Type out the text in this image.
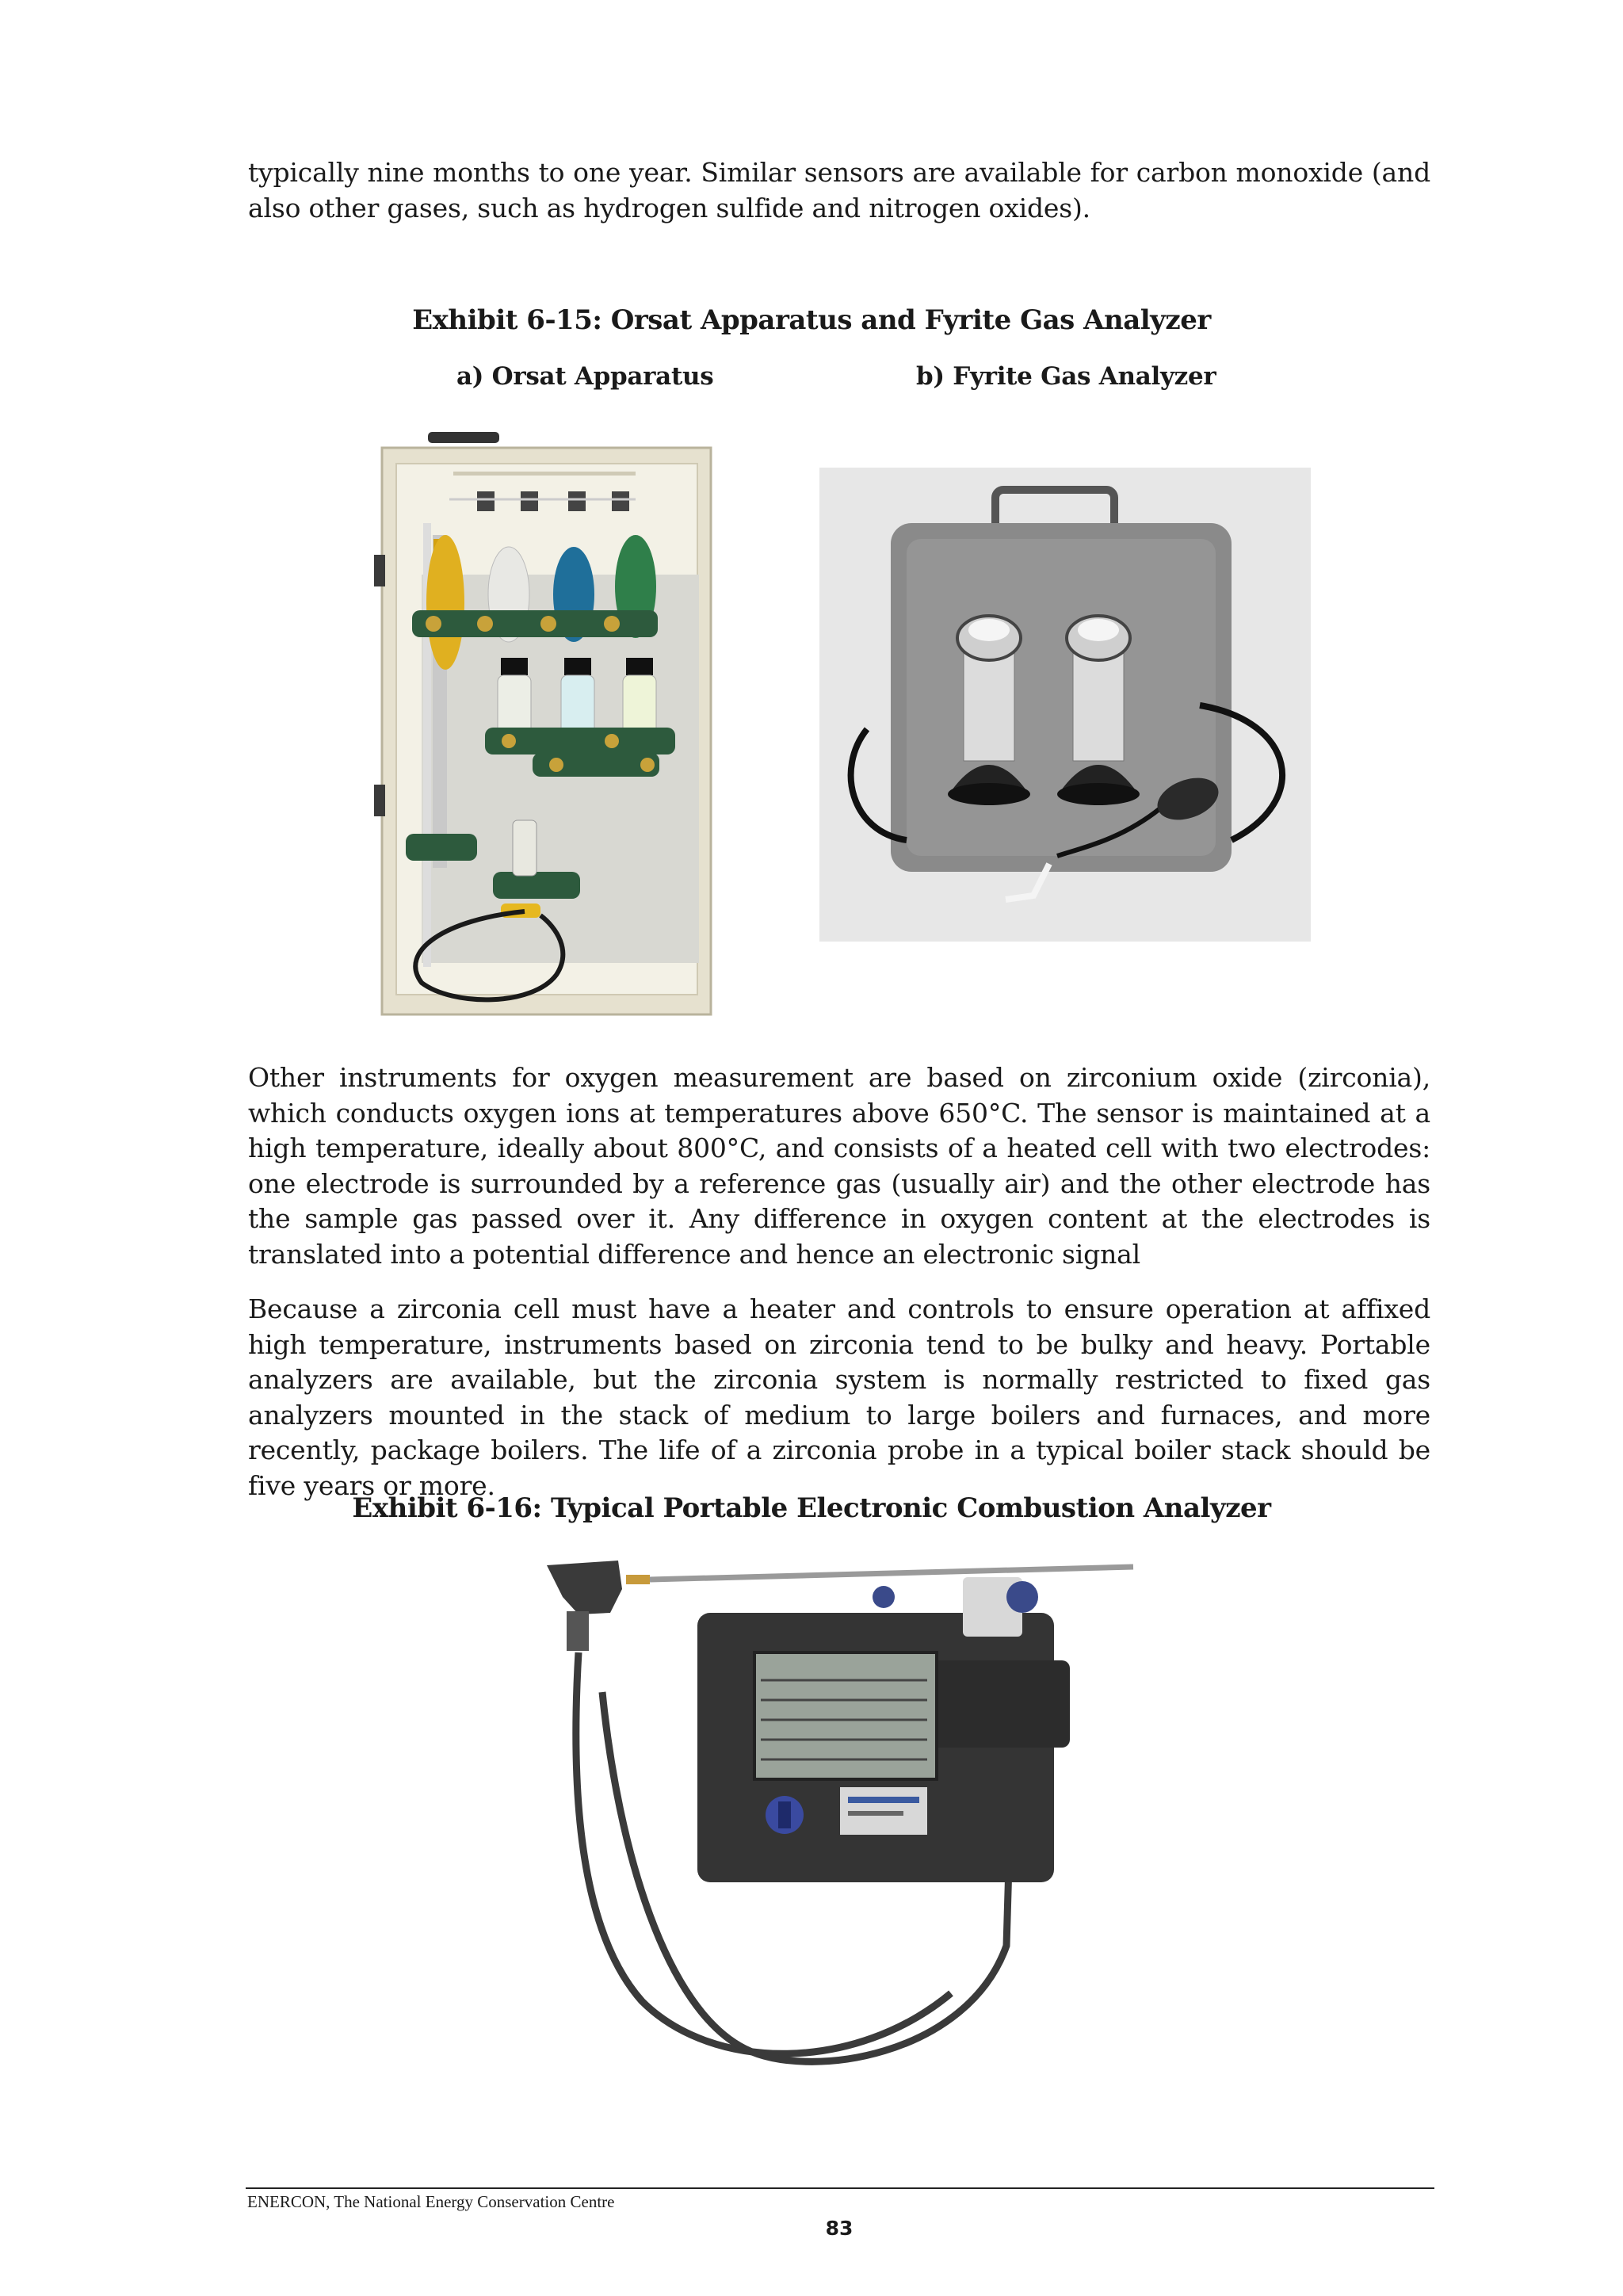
typically nine months to one year. Similar sensors are available for carbon monoxide (and also other gases, such as hydrogen sulfide and nitrogen oxides).

Exhibit 6-15: Orsat Apparatus and Fyrite Gas Analyzer

a) Orsat Apparatus	b) Fyrite Gas Analyzer

Other instruments for oxygen measurement are based on zirconium oxide (zirconia), which conducts oxygen ions at temperatures above 650°C. The sensor is maintained at a high temperature, ideally about 800°C, and consists of a heated cell with two electrodes: one electrode is surrounded by a reference gas (usually air) and the other electrode has the sample gas passed over it. Any difference in oxygen content at the electrodes is translated into a potential difference and hence an electronic signal

Because a zirconia cell must have a heater and controls to ensure operation at affixed high temperature, instruments based on zirconia tend to be bulky and heavy. Portable analyzers are available, but the zirconia system is normally restricted to fixed gas analyzers mounted in the stack of medium to large boilers and furnaces, and more recently, package boilers. The life of a zirconia probe in a typical boiler stack should be five years or more.

Exhibit 6-16: Typical Portable Electronic Combustion Analyzer

ENERCON, The National Energy Conservation Centre

83
